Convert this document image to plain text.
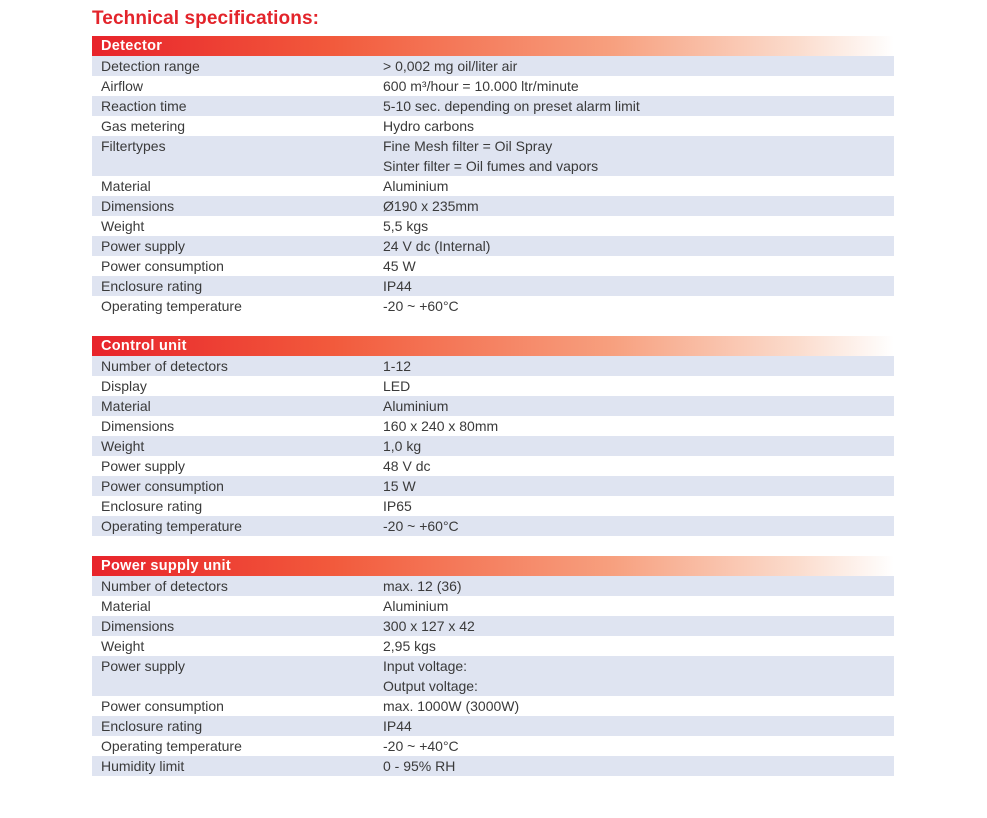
Technical specifications:
Detector
Detection range	> 0,002 mg oil/liter air
Airflow	600 m³/hour = 10.000 ltr/minute
Reaction time	5-10 sec. depending on preset alarm limit
Gas metering	Hydro carbons
Filtertypes	Fine Mesh filter = Oil Spray
Sinter filter = Oil fumes and vapors
Material	Aluminium
Dimensions	Ø190 x 235mm
Weight	5,5 kgs
Power supply	24 V dc (Internal)
Power consumption	45 W
Enclosure rating	IP44
Operating temperature	-20 ~ +60°C
Control unit
Number of detectors	1-12
Display	LED
Material	Aluminium
Dimensions	160 x 240 x 80mm
Weight	1,0 kg
Power supply	48 V dc
Power consumption	15 W
Enclosure rating	IP65
Operating temperature	-20 ~ +60°C
Power supply unit
Number of detectors	max. 12 (36)
Material	Aluminium
Dimensions	300 x 127 x 42
Weight	2,95 kgs
Power supply	Input voltage:
Output voltage:
Power consumption	max. 1000W (3000W)
Enclosure rating	IP44
Operating temperature	-20 ~ +40°C
Humidity limit	0 - 95% RH
